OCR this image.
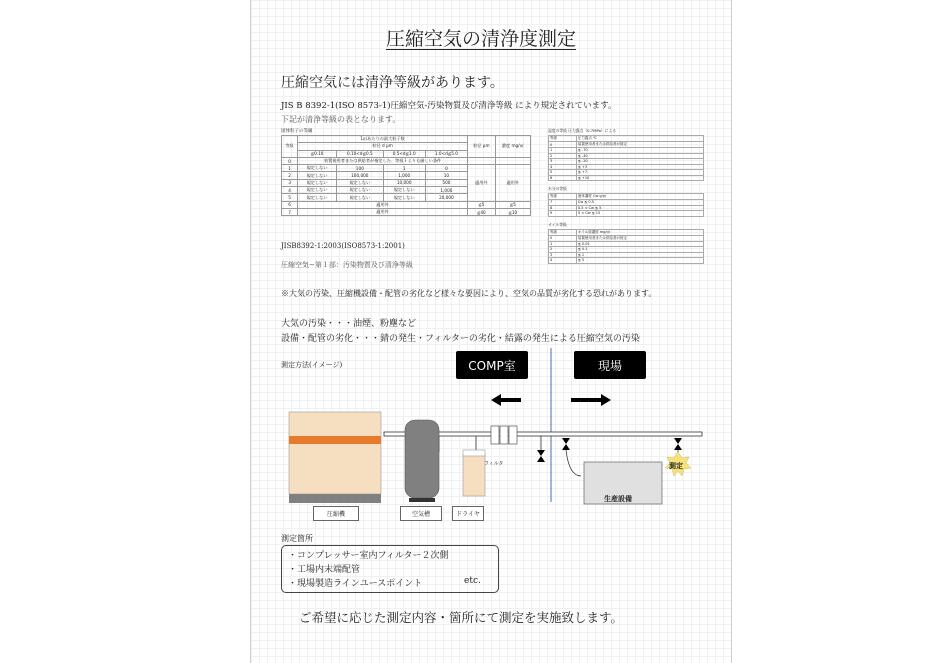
圧縮空気の清浄度測定
圧縮空気には清浄等級があります。
JIS B 8392-1(ISO 8573-1)圧縮空気-汚染物質及び清浄等級 により規定されています。
下記が清浄等級の表となります。
固体粒子の等級
等級	1㎥あたりの最大粒子数				粒径 μm	濃度 mg/㎥
	粒径 d μm					
	≦0.10	0.10<d≦0.5	0.5<d≦1.0	1.0<d≦5.0		
0	装置使用者または供給者が指定した、等級１よりも厳しい条件					
1	規定しない	100	1	0	適用外	適用外
2	規定しない	100,000	1,000	10		
3	規定しない	規定しない	10,000	500		
4	規定しない	規定しない	規定しない	1,000		
5	規定しない	規定しない	規定しない	20,000		
6	適用外				≦5	≦5
7	適用外				≦40	≦10
湿度の等級 圧力露点（0.7MPa）による
等級	圧力露点 ℃
0	装置使用者または供給者が指定
1	≦ -70
2	≦ -40
3	≦ -20
4	≦ +3
5	≦ +7
6	≦ +10
水分の等級
等級	液体濃度 Cw g/㎥
7	Cw ≦ 0.5
8	0.5 < Cw ≦ 5
9	5 < Cw ≦ 10
オイル等級
等級	オイル総濃度 mg/㎥
0	装置使用者または供給者が指定
1	≦ 0.01
2	≦ 0.1
3	≦ 1
4	≦ 5
JISB8392-1:2003(ISO8573-1:2001)
圧縮空気−第１部：汚染物質及び清浄等級
※大気の汚染、圧縮機設備・配管の劣化など様々な要因により、空気の品質が劣化する恐れがあります。
大気の汚染・・・油煙、粉塵など
設備・配管の劣化・・・錆の発生・フィルターの劣化・結露の発生による圧縮空気の汚染
測定方法(イメージ)	COMP室	現場
圧縮機	空気槽	ドライヤ
フィルタ
生産設備
測定
測定箇所
・コンプレッサー室内フィルター２次側
・工場内末端配管
・現場製造ラインユースポイント	etc.
ご希望に応じた測定内容・箇所にて測定を実施致します。
